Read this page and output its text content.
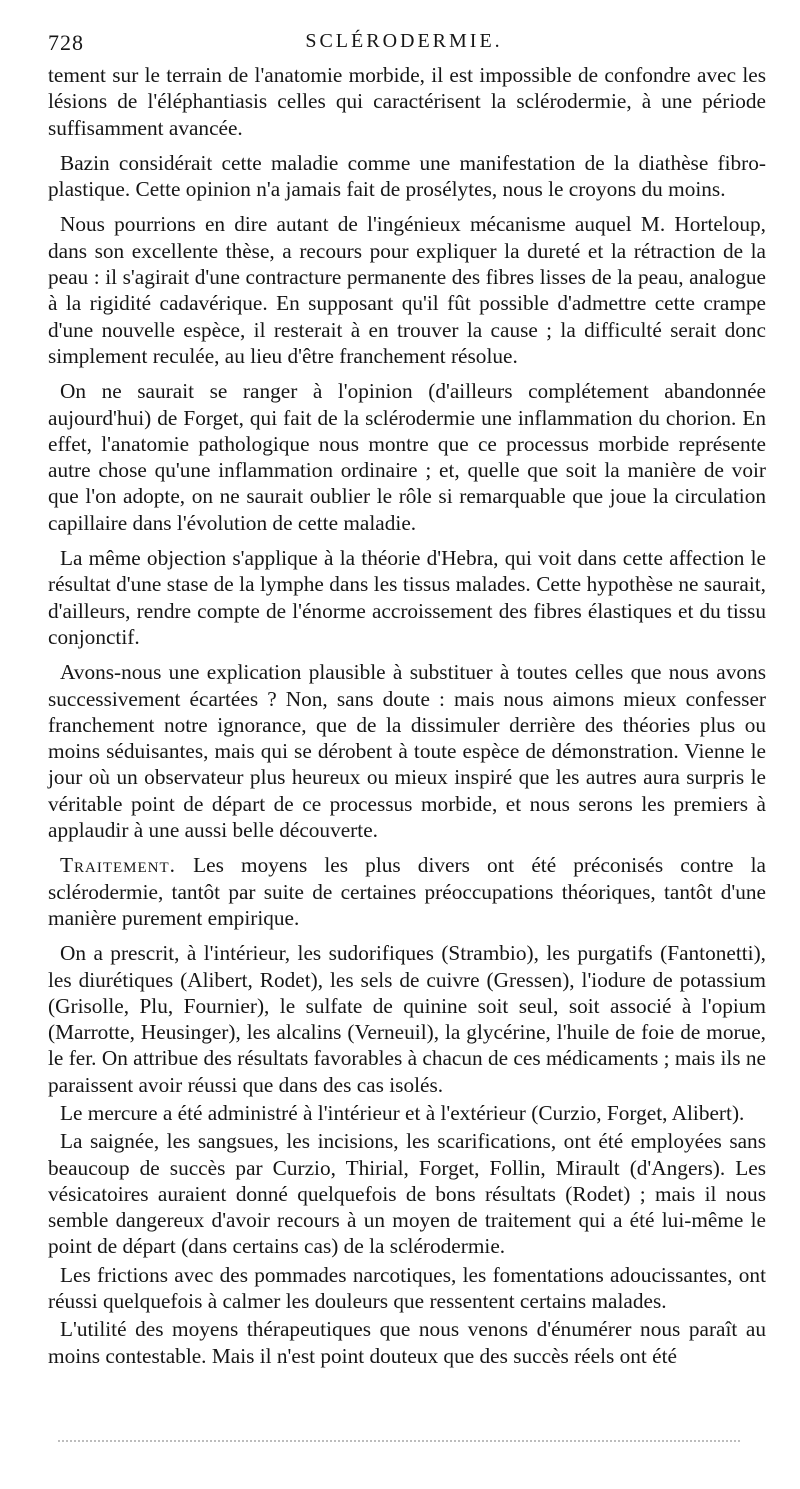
728	SCLÉRODERMIE.

tement sur le terrain de l'anatomie morbide, il est impossible de confondre avec les lésions de l'éléphantiasis celles qui caractérisent la sclérodermie, à une période suffisamment avancée.

Bazin considérait cette maladie comme une manifestation de la diathèse fibro-plastique. Cette opinion n'a jamais fait de prosélytes, nous le croyons du moins.

Nous pourrions en dire autant de l'ingénieux mécanisme auquel M. Horteloup, dans son excellente thèse, a recours pour expliquer la dureté et la rétraction de la peau : il s'agirait d'une contracture permanente des fibres lisses de la peau, analogue à la rigidité cadavérique. En supposant qu'il fût possible d'admettre cette crampe d'une nouvelle espèce, il resterait à en trouver la cause ; la difficulté serait donc simplement reculée, au lieu d'être franchement résolue.

On ne saurait se ranger à l'opinion (d'ailleurs complétement abandonnée aujourd'hui) de Forget, qui fait de la sclérodermie une inflammation du chorion. En effet, l'anatomie pathologique nous montre que ce processus morbide représente autre chose qu'une inflammation ordinaire ; et, quelle que soit la manière de voir que l'on adopte, on ne saurait oublier le rôle si remarquable que joue la circulation capillaire dans l'évolution de cette maladie.

La même objection s'applique à la théorie d'Hebra, qui voit dans cette affection le résultat d'une stase de la lymphe dans les tissus malades. Cette hypothèse ne saurait, d'ailleurs, rendre compte de l'énorme accroissement des fibres élastiques et du tissu conjonctif.

Avons-nous une explication plausible à substituer à toutes celles que nous avons successivement écartées ? Non, sans doute : mais nous aimons mieux confesser franchement notre ignorance, que de la dissimuler derrière des théories plus ou moins séduisantes, mais qui se dérobent à toute espèce de démonstration. Vienne le jour où un observateur plus heureux ou mieux inspiré que les autres aura surpris le véritable point de départ de ce processus morbide, et nous serons les premiers à applaudir à une aussi belle découverte.

Traitement. Les moyens les plus divers ont été préconisés contre la sclérodermie, tantôt par suite de certaines préoccupations théoriques, tantôt d'une manière purement empirique.

On a prescrit, à l'intérieur, les sudorifiques (Strambio), les purgatifs (Fantonetti), les diurétiques (Alibert, Rodet), les sels de cuivre (Gressen), l'iodure de potassium (Grisolle, Plu, Fournier), le sulfate de quinine soit seul, soit associé à l'opium (Marrotte, Heusinger), les alcalins (Verneuil), la glycérine, l'huile de foie de morue, le fer. On attribue des résultats favorables à chacun de ces médicaments ; mais ils ne paraissent avoir réussi que dans des cas isolés.

Le mercure a été administré à l'intérieur et à l'extérieur (Curzio, Forget, Alibert).

La saignée, les sangsues, les incisions, les scarifications, ont été employées sans beaucoup de succès par Curzio, Thirial, Forget, Follin, Mirault (d'Angers). Les vésicatoires auraient donné quelquefois de bons résultats (Rodet) ; mais il nous semble dangereux d'avoir recours à un moyen de traitement qui a été lui-même le point de départ (dans certains cas) de la sclérodermie.

Les frictions avec des pommades narcotiques, les fomentations adoucissantes, ont réussi quelquefois à calmer les douleurs que ressentent certains malades.

L'utilité des moyens thérapeutiques que nous venons d'énumérer nous paraît au moins contestable. Mais il n'est point douteux que des succès réels ont été
